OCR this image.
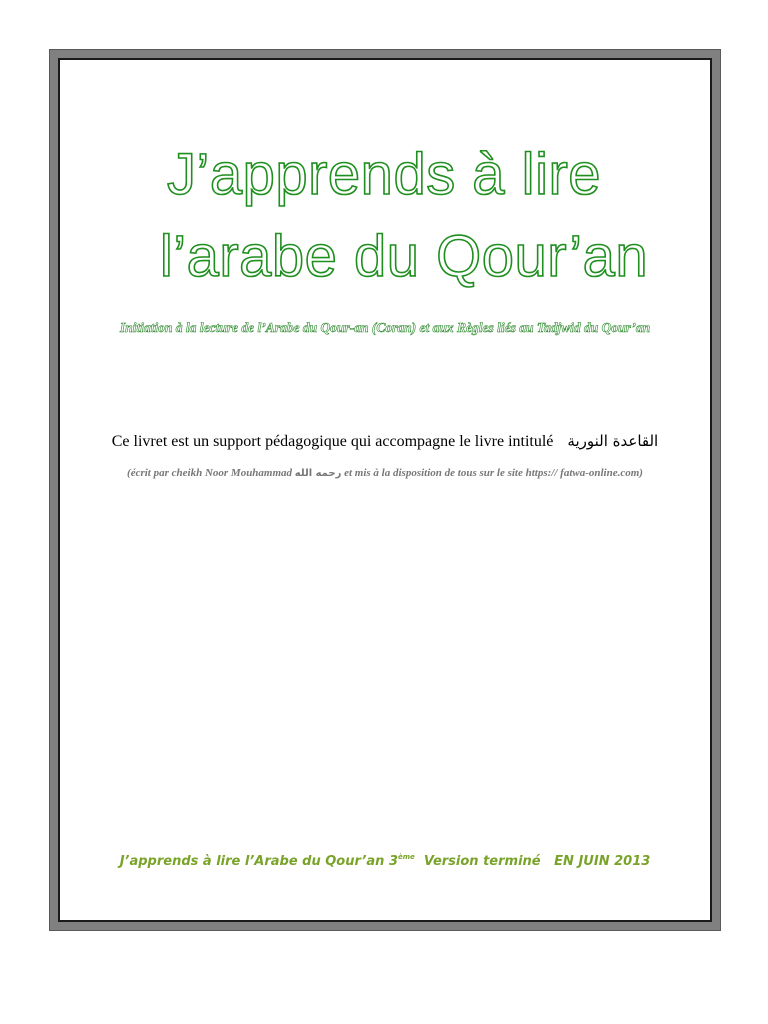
J’apprends à lire
l’arabe du Qour’an
Initiation à la lecture de l’Arabe du Qour-an (Coran) et aux Règles liés au Tadjwid du Qour’an
Ce livret est un support pédagogique qui accompagne le livre intitulé القاعدة النورية
(écrit par cheikh Noor Mouhammad رحمه الله et mis à la disposition de tous sur le site https:// fatwa-online.com)
J’apprends à lire l’Arabe du Qour’an 3ème  Version terminé   EN JUIN 2013
